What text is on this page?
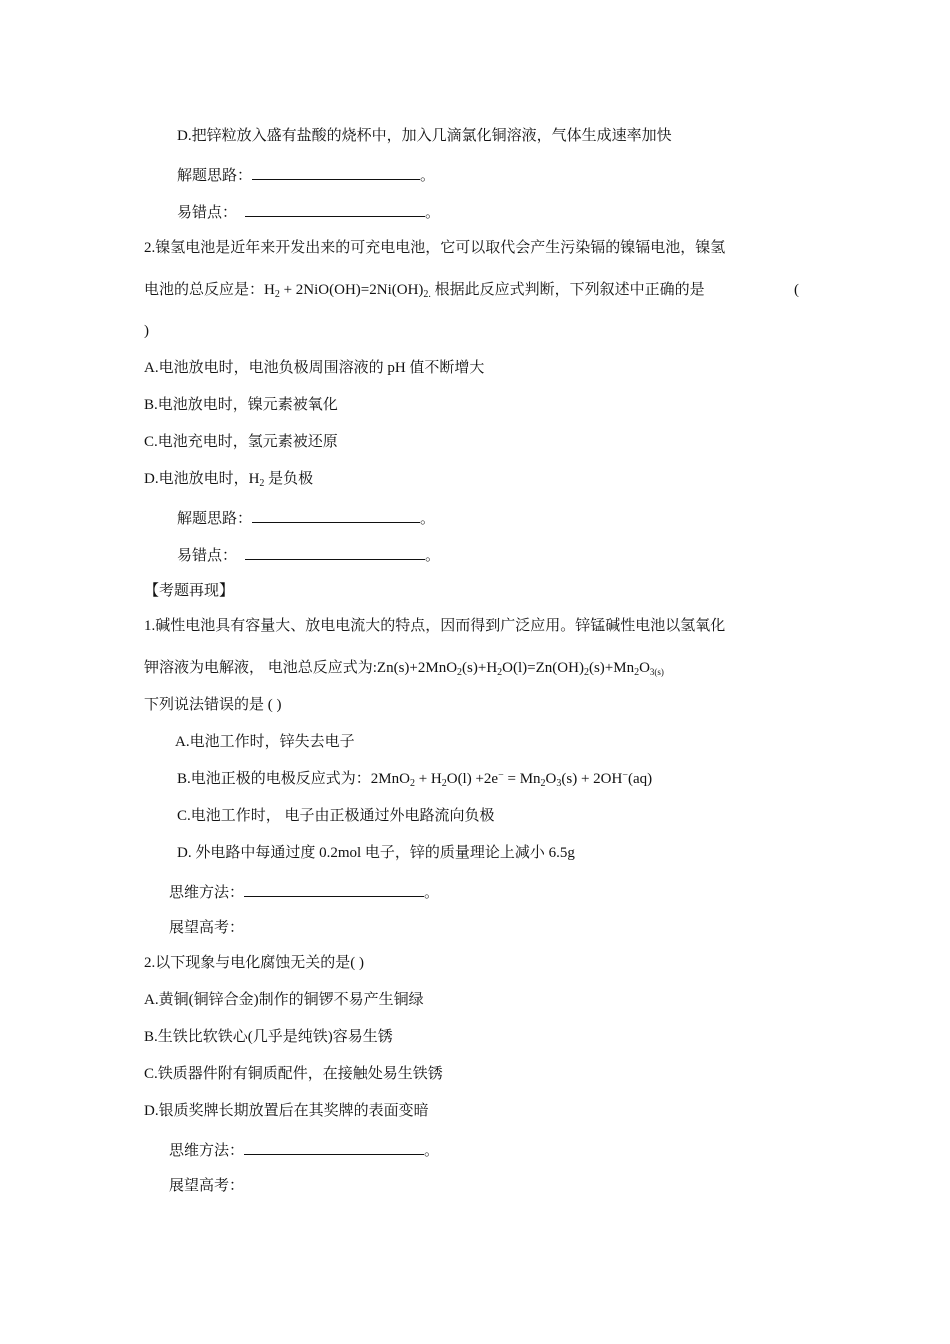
D.把锌粒放入盛有盐酸的烧杯中，加入几滴氯化铜溶液，气体生成速率加快
解题思路：	。
易错点：	。
2.镍氢电池是近年来开发出来的可充电电池，它可以取代会产生污染镉的镍镉电池，镍氢
电池的总反应是：$H_2 + 2NiO(OH)=2Ni(OH)_{2.}$ 根据此反应式判断，下列叙述中正确的是	(
)
A.电池放电时，电池负极周围溶液的 pH 值不断增大
B.电池放电时，镍元素被氧化
C.电池充电时，氢元素被还原
D.电池放电时，$H_2$ 是负极
解题思路：	。
易错点：	。
【考题再现】
1.碱性电池具有容量大、放电电流大的特点，因而得到广泛应用。锌锰碱性电池以氢氧化
钾溶液为电解液， 电池总反应式为$:Zn(s)+2MnO_2(s)+H_2O(l)=Zn(OH)_2(s)+Mn_2O_{3(s)}$
下列说法错误的是 ( )
A.电池工作时，锌失去电子
B.电池正极的电极反应式为：$2MnO_2 + H_2O(l) +2e^- = Mn_2O_3(s) + 2OH^-(aq)$
C.电池工作时， 电子由正极通过外电路流向负极
D. 外电路中每通过度 0.2mol 电子，锌的质量理论上减小 6.5g
思维方法：	。
展望高考：
2.以下现象与电化腐蚀无关的是( )
A.黄铜(铜锌合金)制作的铜锣不易产生铜绿
B.生铁比软铁心(几乎是纯铁)容易生锈
C.铁质器件附有铜质配件，在接触处易生铁锈
D.银质奖牌长期放置后在其奖牌的表面变暗
思维方法：	。
展望高考：
